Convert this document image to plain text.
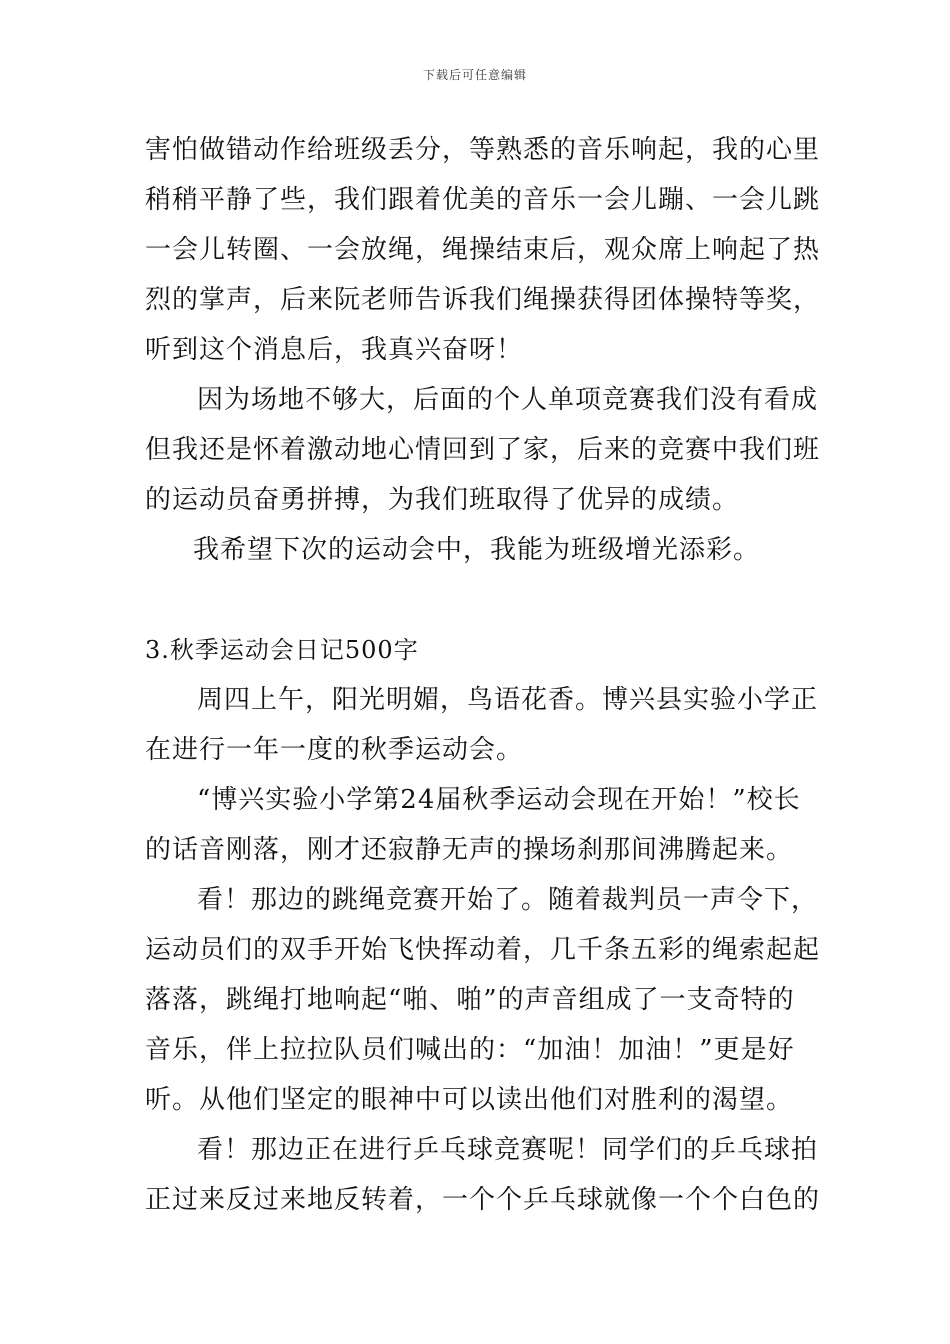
下载后可任意编辑
害怕做错动作给班级丢分，等熟悉的音乐响起，我的心里
稍稍平静了些，我们跟着优美的音乐一会儿蹦、一会儿跳
一会儿转圈、一会放绳，绳操结束后，观众席上响起了热
烈的掌声，后来阮老师告诉我们绳操获得团体操特等奖，
听到这个消息后，我真兴奋呀！
因为场地不够大，后面的个人单项竞赛我们没有看成
但我还是怀着激动地心情回到了家，后来的竞赛中我们班
的运动员奋勇拼搏，为我们班取得了优异的成绩。
我希望下次的运动会中，我能为班级增光添彩。
3.秋季运动会日记500字
周四上午，阳光明媚，鸟语花香。博兴县实验小学正
在进行一年一度的秋季运动会。
“博兴实验小学第24届秋季运动会现在开始！”校长
的话音刚落，刚才还寂静无声的操场刹那间沸腾起来。
看！那边的跳绳竞赛开始了。随着裁判员一声令下，
运动员们的双手开始飞快挥动着，几千条五彩的绳索起起
落落，跳绳打地响起“啪、啪”的声音组成了一支奇特的
音乐，伴上拉拉队员们喊出的：“加油！加油！”更是好
听。从他们坚定的眼神中可以读出他们对胜利的渴望。
看！那边正在进行乒乓球竞赛呢！同学们的乒乓球拍
正过来反过来地反转着，一个个乒乓球就像一个个白色的
